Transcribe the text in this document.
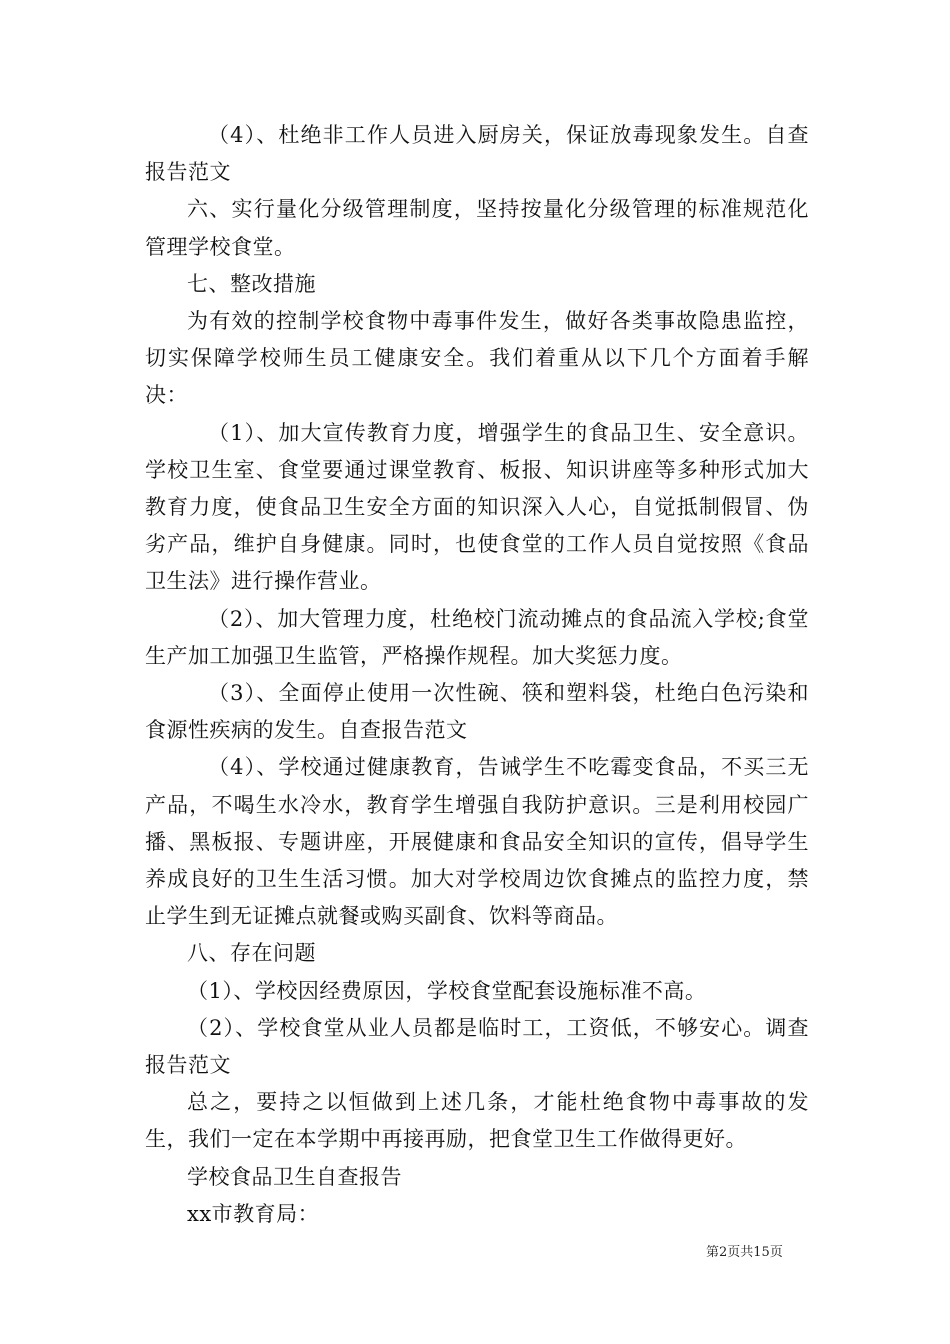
（4）、杜绝非工作人员进入厨房关，保证放毒现象发生。自查报告范文

六、实行量化分级管理制度，坚持按量化分级管理的标准规范化管理学校食堂。

七、整改措施

为有效的控制学校食物中毒事件发生，做好各类事故隐患监控，切实保障学校师生员工健康安全。我们着重从以下几个方面着手解决：

（1）、加大宣传教育力度，增强学生的食品卫生、安全意识。学校卫生室、食堂要通过课堂教育、板报、知识讲座等多种形式加大教育力度，使食品卫生安全方面的知识深入人心，自觉抵制假冒、伪劣产品，维护自身健康。同时，也使食堂的工作人员自觉按照《食品卫生法》进行操作营业。

（2）、加大管理力度，杜绝校门流动摊点的食品流入学校;食堂生产加工加强卫生监管，严格操作规程。加大奖惩力度。

（3）、全面停止使用一次性碗、筷和塑料袋，杜绝白色污染和食源性疾病的发生。自查报告范文

（4）、学校通过健康教育，告诫学生不吃霉变食品，不买三无产品，不喝生水冷水，教育学生增强自我防护意识。三是利用校园广播、黑板报、专题讲座，开展健康和食品安全知识的宣传，倡导学生养成良好的卫生生活习惯。加大对学校周边饮食摊点的监控力度，禁止学生到无证摊点就餐或购买副食、饮料等商品。

八、存在问题

（1）、学校因经费原因，学校食堂配套设施标准不高。

（2）、学校食堂从业人员都是临时工，工资低，不够安心。调查报告范文

总之，要持之以恒做到上述几条，才能杜绝食物中毒事故的发生，我们一定在本学期中再接再励，把食堂卫生工作做得更好。

学校食品卫生自查报告

xx市教育局：

第2页共15页
